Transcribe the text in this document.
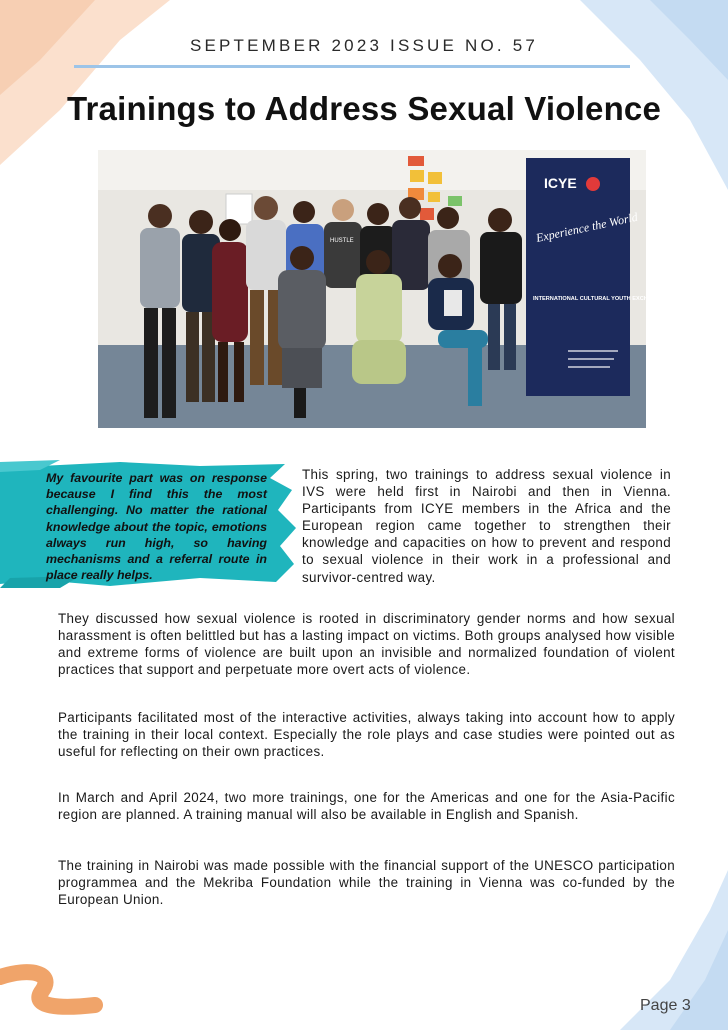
SEPTEMBER 2023 ISSUE NO. 57
Trainings to Address Sexual Violence
ICYE
Experience the World
INTERNATIONAL CULTURAL YOUTH EXCHANGE
HUSTLE
My favourite part was on response because I find this the most challenging. No matter the rational knowledge about the topic, emotions always run high, so having mechanisms and a referral route in place really helps.
This spring, two trainings to address sexual violence in IVS were held first in Nairobi and then in Vienna. Participants from ICYE members in the Africa and the European region came together to strengthen their knowledge and capacities on how to prevent and respond to sexual violence in their work in a professional and survivor-centred way.
They discussed how sexual violence is rooted in discriminatory gender norms and how sexual harassment is often belittled but has a lasting impact on victims. Both groups analysed how visible and extreme forms of violence are built upon an invisible and normalized foundation of violent practices that support and perpetuate more overt acts of violence.
Participants facilitated most of the interactive activities, always taking into account how to apply the training in their local context. Especially the role plays and case studies were pointed out as useful for reflecting on their own practices.
In March and April 2024, two more trainings, one for the Americas and one for the Asia-Pacific region are planned. A training manual will also be available in English and Spanish.
The training in Nairobi was made possible with the financial support of the UNESCO participation programmea and the Mekriba Foundation while the training in Vienna was co-funded by the European Union.
Page 3
